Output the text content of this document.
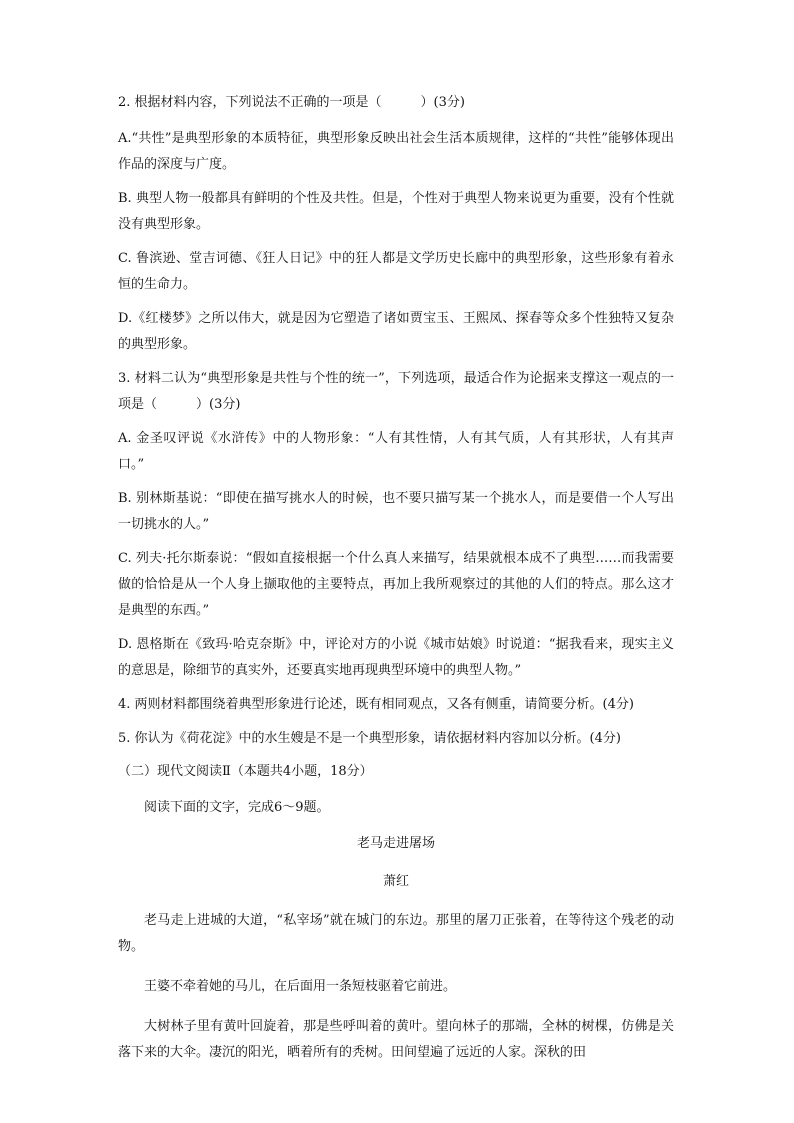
2. 根据材料内容，下列说法不正确的一项是（　　　）(3分)

A.“共性”是典型形象的本质特征，典型形象反映出社会生活本质规律，这样的“共性”能够体现出作品的深度与广度。

B. 典型人物一般都具有鲜明的个性及共性。但是，个性对于典型人物来说更为重要，没有个性就没有典型形象。

C. 鲁滨逊、堂吉诃德、《狂人日记》中的狂人都是文学历史长廊中的典型形象，这些形象有着永恒的生命力。

D.《红楼梦》之所以伟大，就是因为它塑造了诸如贾宝玉、王熙凤、探春等众多个性独特又复杂的典型形象。

3. 材料二认为“典型形象是共性与个性的统一”，下列选项，最适合作为论据来支撑这一观点的一项是（　　　）(3分)

A. 金圣叹评说《水浒传》中的人物形象：“人有其性情，人有其气质，人有其形状，人有其声口。”

B. 别林斯基说：“即使在描写挑水人的时候，也不要只描写某一个挑水人，而是要借一个人写出一切挑水的人。”

C. 列夫·托尔斯泰说：“假如直接根据一个什么真人来描写，结果就根本成不了典型……而我需要做的恰恰是从一个人身上撷取他的主要特点，再加上我所观察过的其他的人们的特点。那么这才是典型的东西。”

D. 恩格斯在《致玛·哈克奈斯》中，评论对方的小说《城市姑娘》时说道：“据我看来，现实主义的意思是，除细节的真实外，还要真实地再现典型环境中的典型人物。”

4. 两则材料都围绕着典型形象进行论述，既有相同观点，又各有侧重，请简要分析。(4分)

5. 你认为《荷花淀》中的水生嫂是不是一个典型形象，请依据材料内容加以分析。(4分)

（二）现代文阅读Ⅱ（本题共4小题，18分）

阅读下面的文字，完成6～9题。

老马走进屠场

萧红

老马走上进城的大道，“私宰场”就在城门的东边。那里的屠刀正张着，在等待这个残老的动物。

王婆不牵着她的马儿，在后面用一条短枝驱着它前进。

大树林子里有黄叶回旋着，那是些呼叫着的黄叶。望向林子的那端，全林的树棵，仿佛是关落下来的大伞。凄沉的阳光，晒着所有的秃树。田间望遍了远近的人家。深秋的田
